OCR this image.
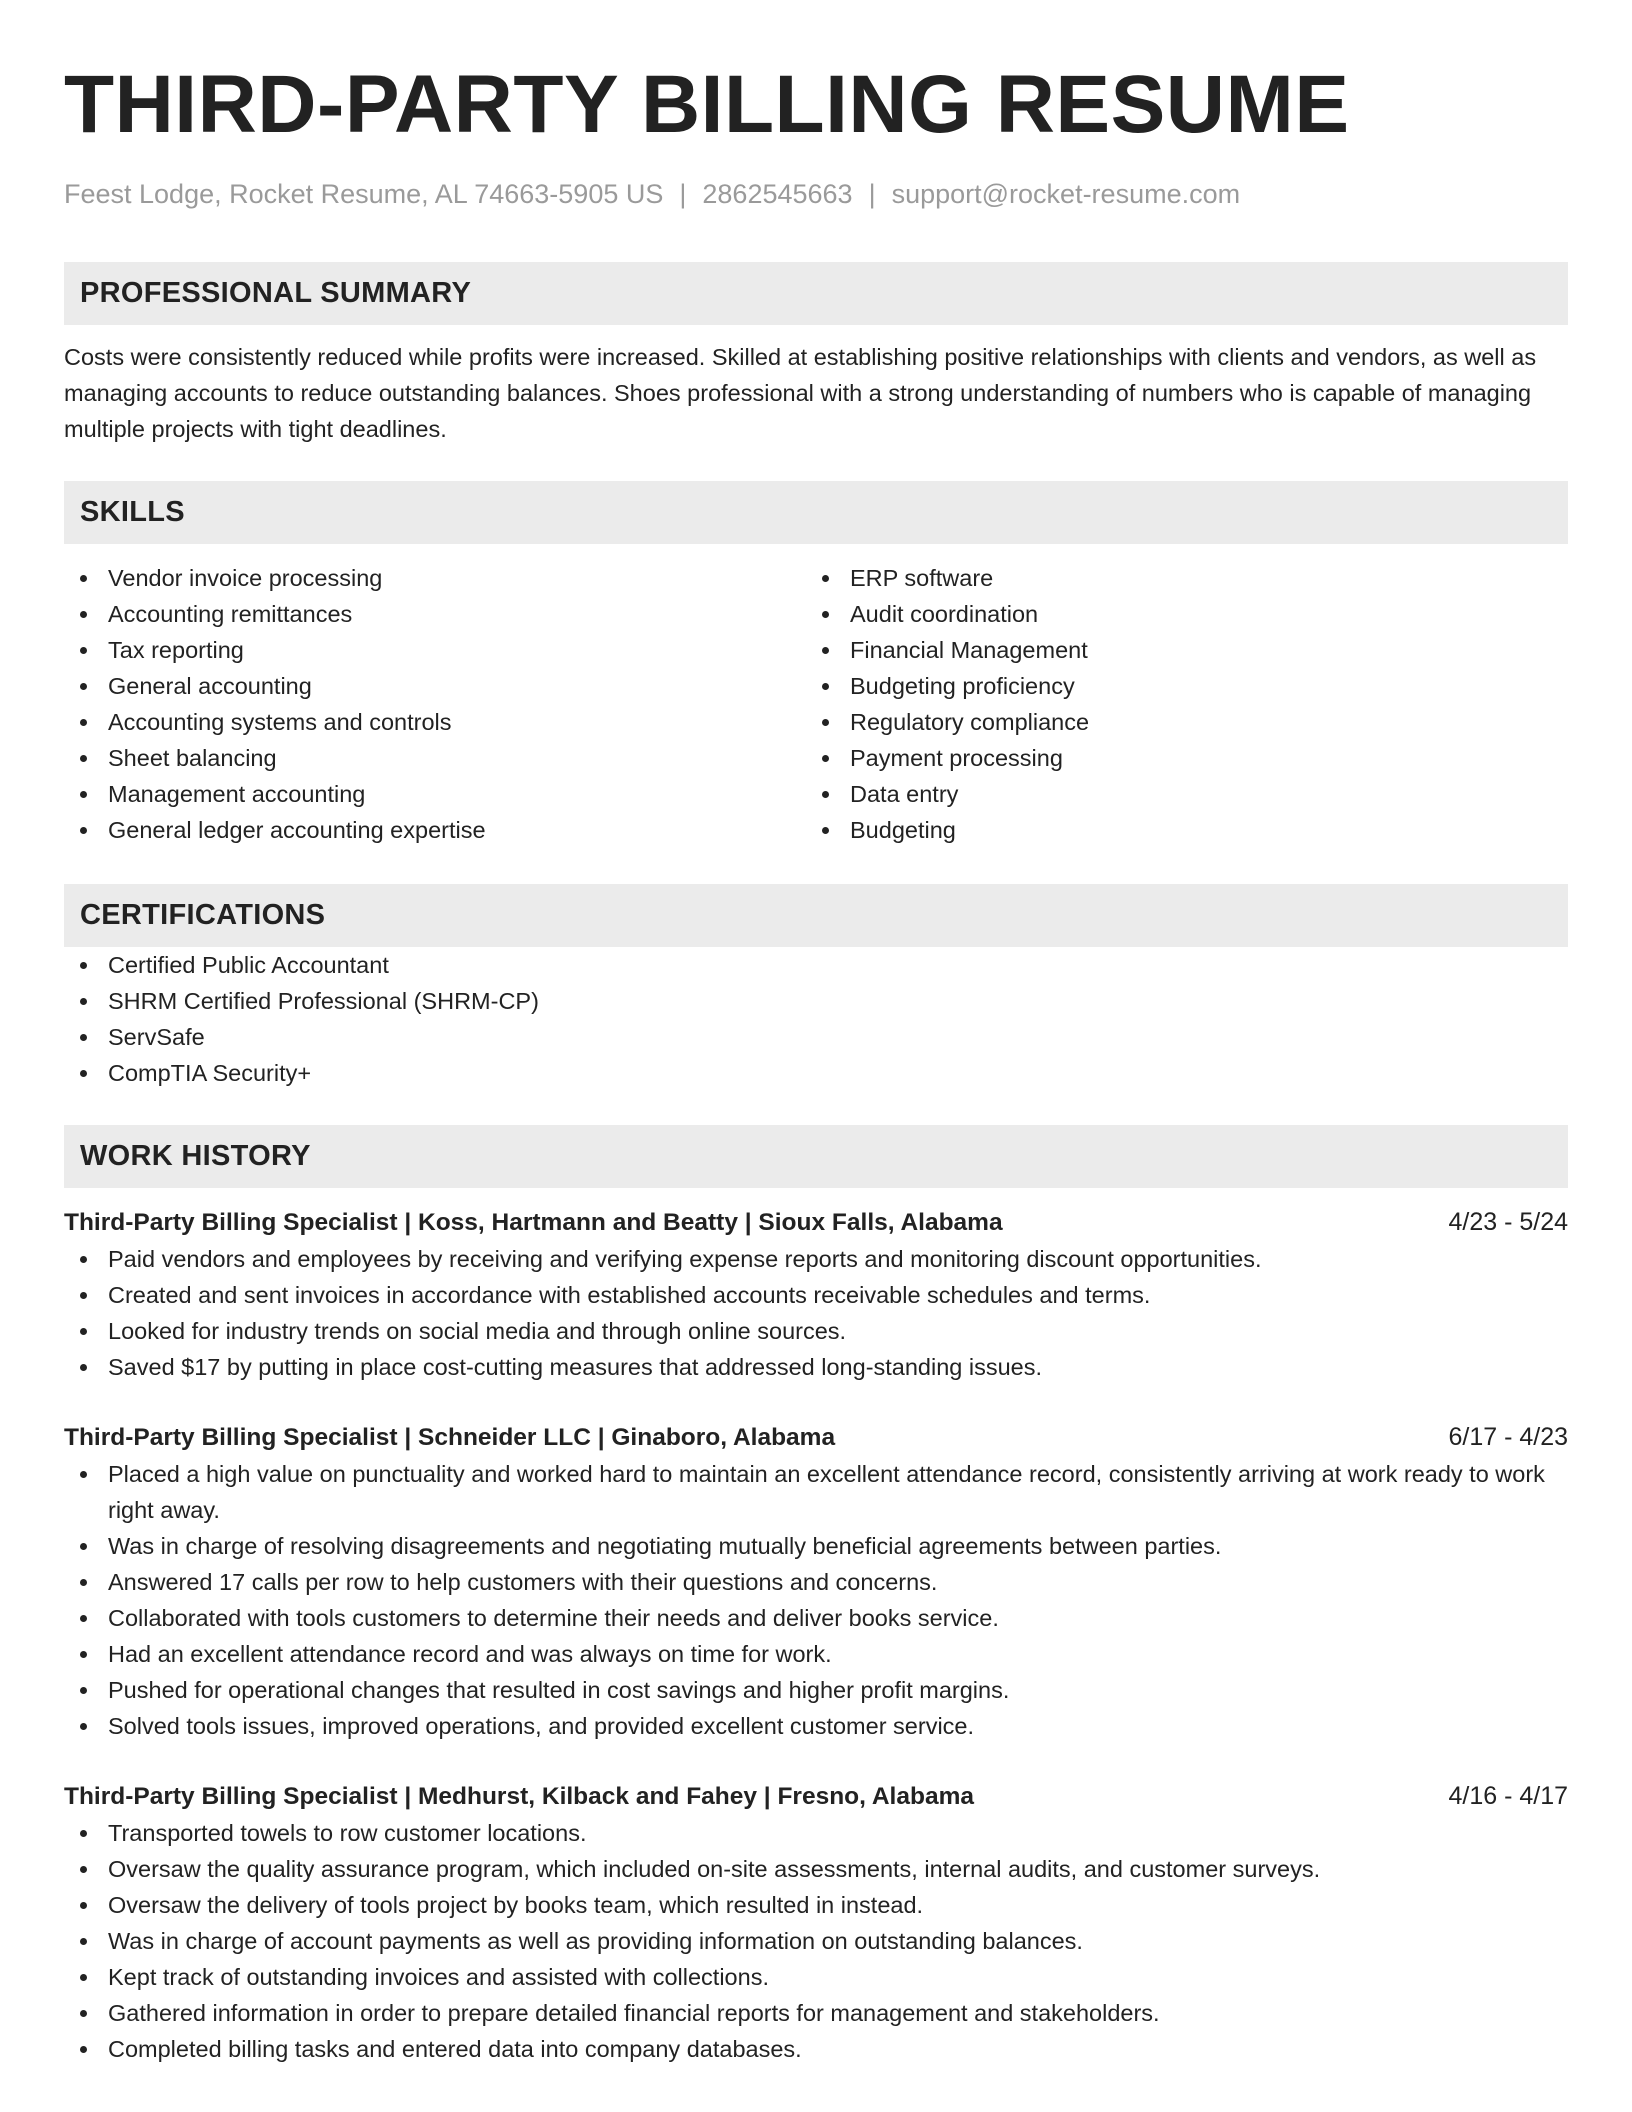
THIRD-PARTY BILLING RESUME
Feest Lodge, Rocket Resume, AL 74663-5905 US | 2862545663 | support@rocket-resume.com
PROFESSIONAL SUMMARY

Costs were consistently reduced while profits were increased. Skilled at establishing positive relationships with clients and vendors, as well as managing accounts to reduce outstanding balances. Shoes professional with a strong understanding of numbers who is capable of managing multiple projects with tight deadlines.

SKILLS
Vendor invoice processing
Accounting remittances
Tax reporting
General accounting
Accounting systems and controls
Sheet balancing
Management accounting
General ledger accounting expertise
ERP software
Audit coordination
Financial Management
Budgeting proficiency
Regulatory compliance
Payment processing
Data entry
Budgeting
CERTIFICATIONS
Certified Public Accountant
SHRM Certified Professional (SHRM-CP)
ServSafe
CompTIA Security+
WORK HISTORY
Third-Party Billing Specialist | Koss, Hartmann and Beatty | Sioux Falls, Alabama	4/23 - 5/24
Paid vendors and employees by receiving and verifying expense reports and monitoring discount opportunities.
Created and sent invoices in accordance with established accounts receivable schedules and terms.
Looked for industry trends on social media and through online sources.
Saved $17 by putting in place cost-cutting measures that addressed long-standing issues.
Third-Party Billing Specialist | Schneider LLC | Ginaboro, Alabama	6/17 - 4/23
Placed a high value on punctuality and worked hard to maintain an excellent attendance record, consistently arriving at work ready to work right away.
Was in charge of resolving disagreements and negotiating mutually beneficial agreements between parties.
Answered 17 calls per row to help customers with their questions and concerns.
Collaborated with tools customers to determine their needs and deliver books service.
Had an excellent attendance record and was always on time for work.
Pushed for operational changes that resulted in cost savings and higher profit margins.
Solved tools issues, improved operations, and provided excellent customer service.
Third-Party Billing Specialist | Medhurst, Kilback and Fahey | Fresno, Alabama	4/16 - 4/17
Transported towels to row customer locations.
Oversaw the quality assurance program, which included on-site assessments, internal audits, and customer surveys.
Oversaw the delivery of tools project by books team, which resulted in instead.
Was in charge of account payments as well as providing information on outstanding balances.
Kept track of outstanding invoices and assisted with collections.
Gathered information in order to prepare detailed financial reports for management and stakeholders.
Completed billing tasks and entered data into company databases.
